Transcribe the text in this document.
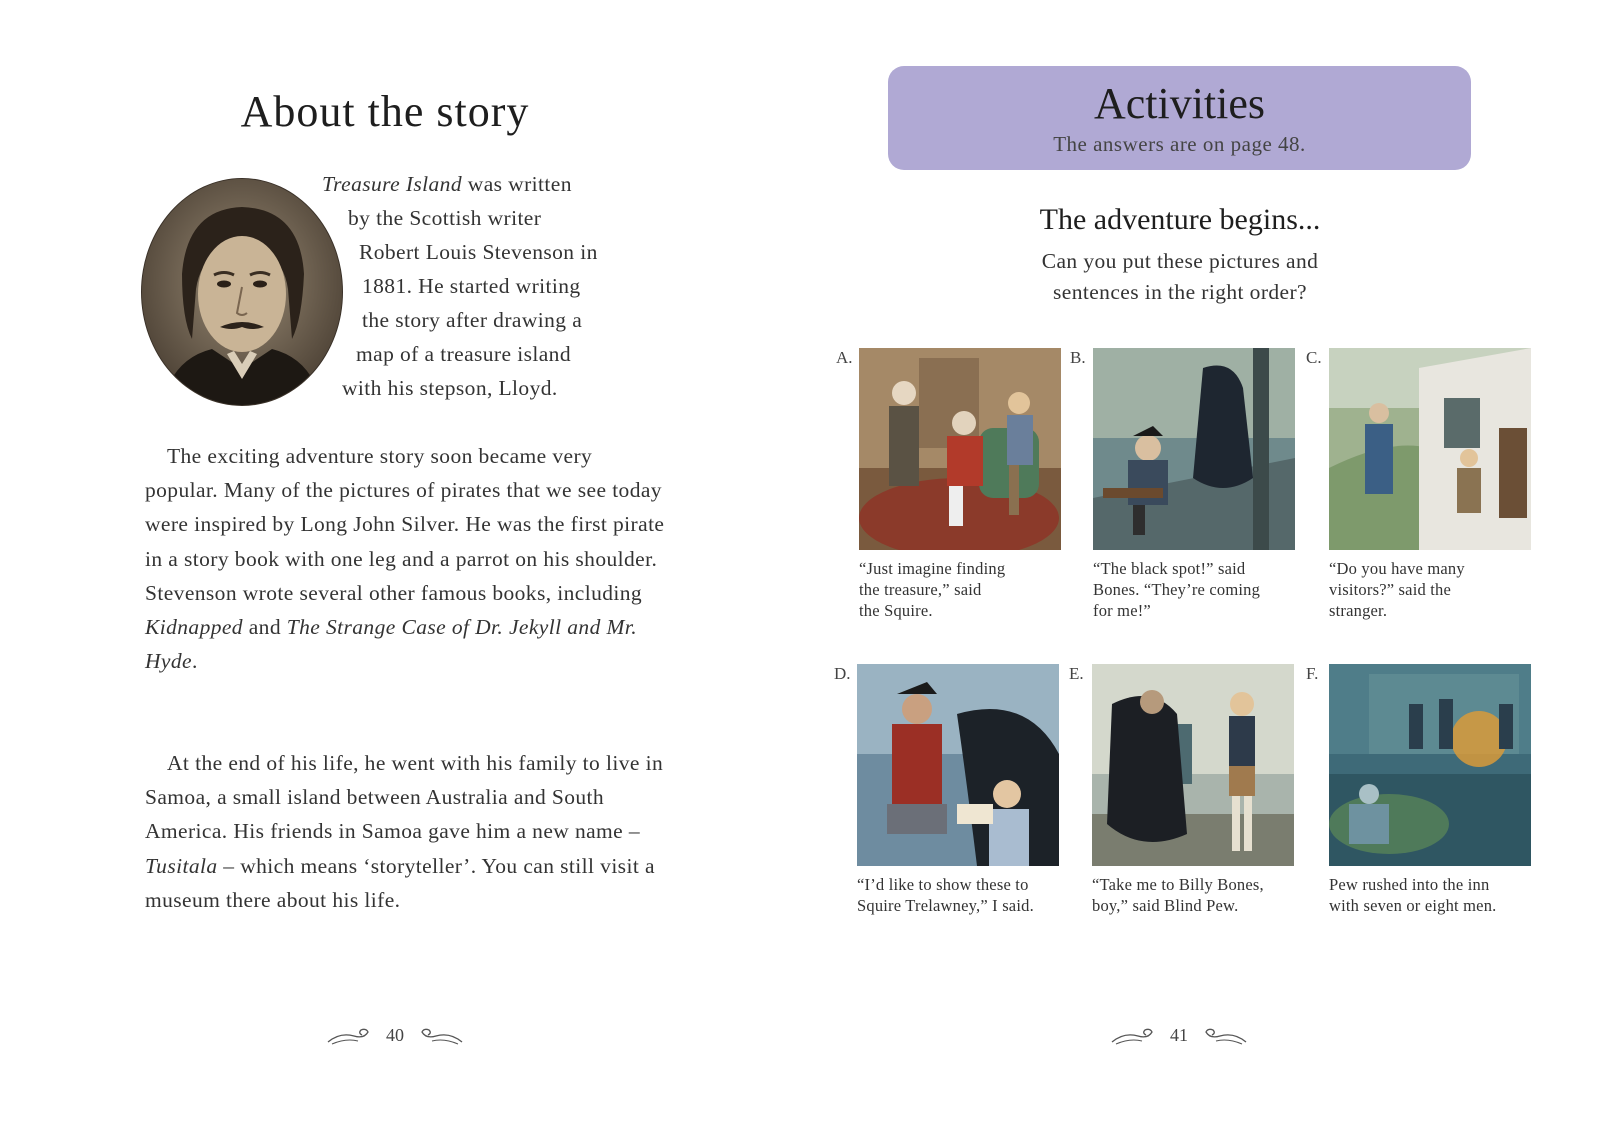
About the story

Treasure Island was written

by the Scottish writer

Robert Louis Stevenson in

1881. He started writing

the story after drawing a

map of a treasure island

with his stepson, Lloyd.

The exciting adventure story soon became very popular. Many of the pictures of pirates that we see today were inspired by Long John Silver. He was the first pirate in a story book with one leg and a parrot on his shoulder. Stevenson wrote several other famous books, including Kidnapped and The Strange Case of Dr. Jekyll and Mr. Hyde.

At the end of his life, he went with his family to live in Samoa, a small island between Australia and South America. His friends in Samoa gave him a new name – Tusitala – which means ‘storyteller’. You can still visit a museum there about his life.

40
Activities

The answers are on page 48.

The adventure begins...

Can you put these pictures and
sentences in the right order?

A.

“Just imagine finding
the treasure,” said
the Squire.

B.

“The black spot!” said
Bones. “They’re coming
for me!”

C.

“Do you have many
visitors?” said the
stranger.

D.

“I’d like to show these to
Squire Trelawney,” I said.

E.

“Take me to Billy Bones,
boy,” said Blind Pew.

F.

Pew rushed into the inn
with seven or eight men.

41
